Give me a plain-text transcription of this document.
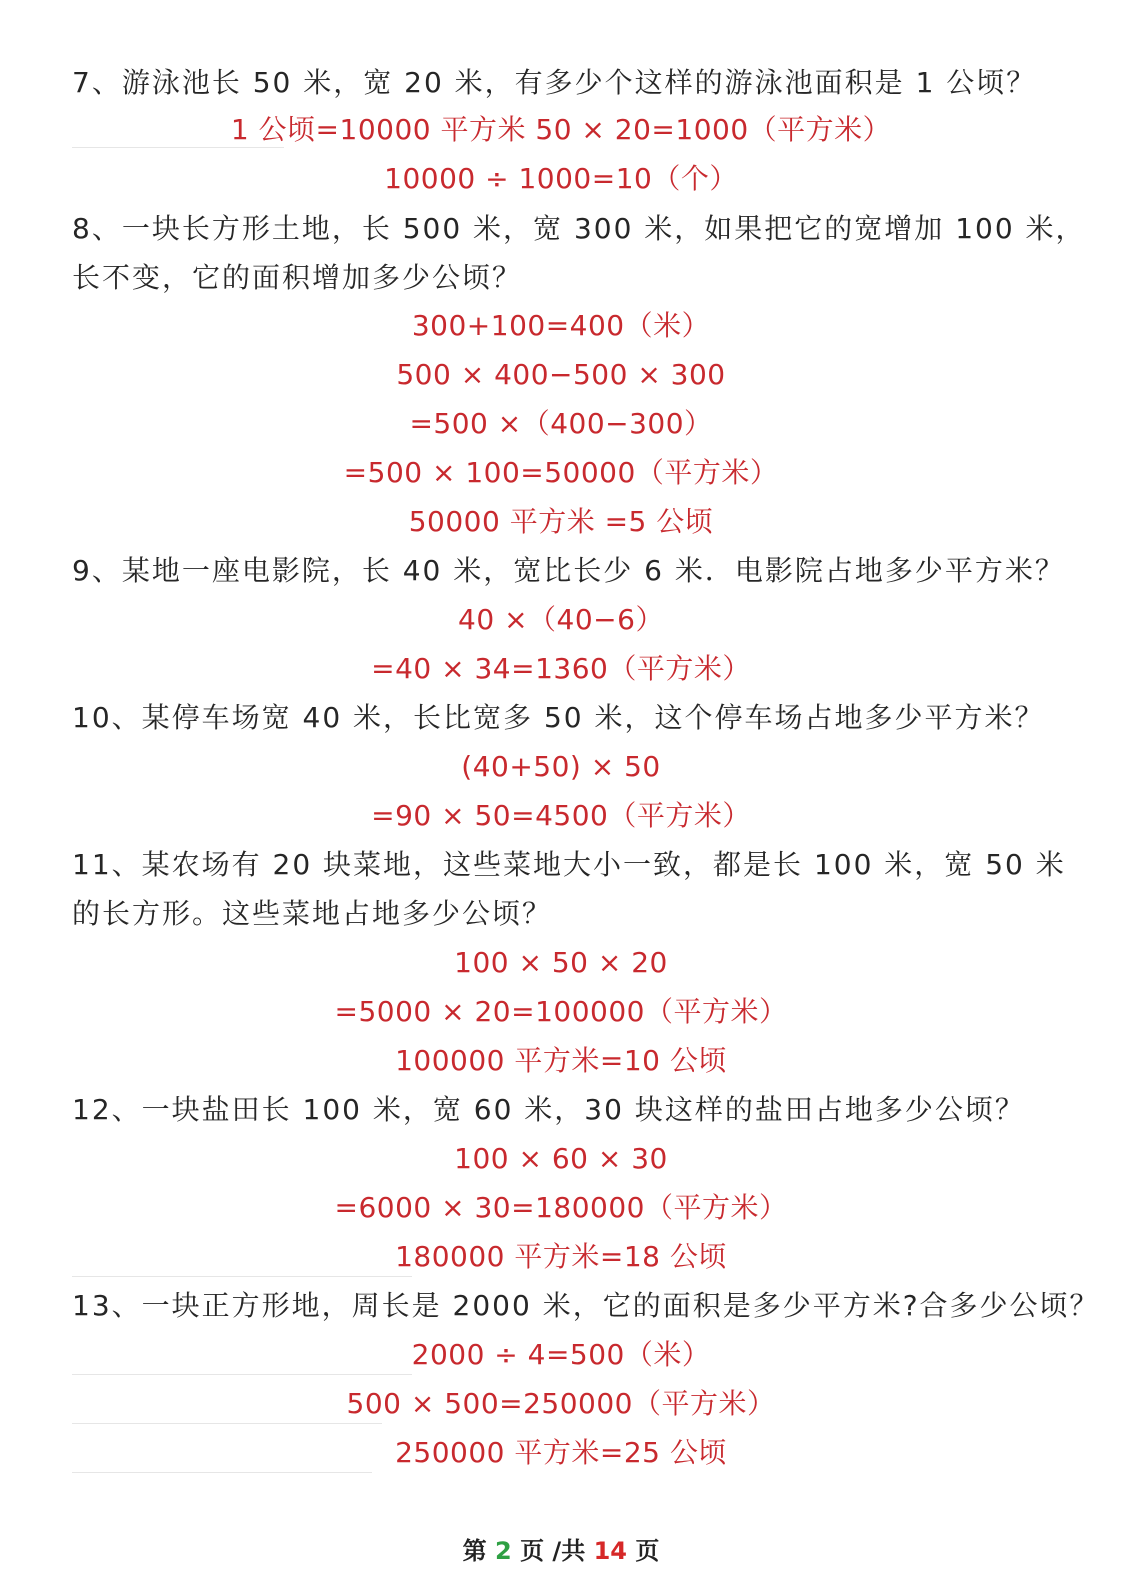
7、游泳池长 50 米，宽 20 米，有多少个这样的游泳池面积是 1 公顷？
1 公顷=10000 平方米 50 × 20=1000（平方米）
10000 ÷ 1000=10（个）
8、一块长方形土地，长 500 米，宽 300 米，如果把它的宽增加 100 米，
长不变，它的面积增加多少公顷？
300+100=400（米）
500 × 400−500 × 300
=500 ×（400−300）
=500 × 100=50000（平方米）
50000 平方米 =5 公顷
9、某地一座电影院，长 40 米，宽比长少 6 米．电影院占地多少平方米？
40 ×（40−6）
=40 × 34=1360（平方米）
10、某停车场宽 40 米，长比宽多 50 米，这个停车场占地多少平方米？
(40+50) × 50
=90 × 50=4500（平方米）
11、某农场有 20 块菜地，这些菜地大小一致，都是长 100 米，宽 50 米
的长方形。这些菜地占地多少公顷？
100 × 50 × 20
=5000 × 20=100000（平方米）
100000 平方米=10 公顷
12、一块盐田长 100 米，宽 60 米，30 块这样的盐田占地多少公顷？
100 × 60 × 30
=6000 × 30=180000（平方米）
180000 平方米=18 公顷
13、一块正方形地，周长是 2000 米，它的面积是多少平方米?合多少公顷？
2000 ÷ 4=500（米）
500 × 500=250000（平方米）
250000 平方米=25 公顷
第 2 页 /共 14 页
